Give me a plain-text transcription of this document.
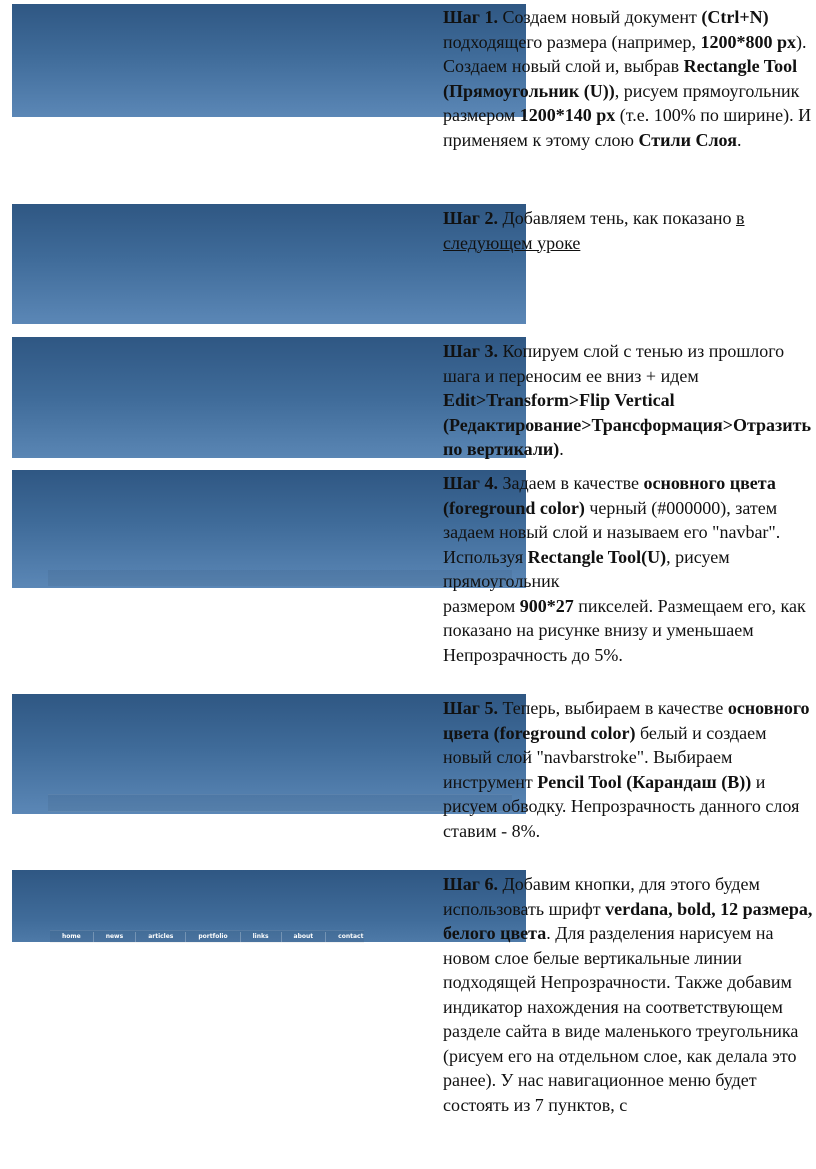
home	news	articles	portfolio	links	about	contact

Шаг 1. Создаем новый документ (Ctrl+N) подходящего размера (например, 1200*800 px). Создаем новый слой и, выбрав Rectangle Tool (Прямоугольник (U)), рисуем прямоугольник размером 1200*140 px (т.е. 100% по ширине). И применяем к этому слою Стили Слоя.

Шаг 2. Добавляем тень, как показано в следующем уроке

Шаг 3. Копируем слой с тенью из прошлого шага и переносим ее вниз + идем Edit>Transform>Flip Vertical (Редактирование>Трансформация>Отразить по вертикали).

Шаг 4. Задаем в качестве основного цвета (foreground color) черный (#000000), затем задаем новый слой и называем его "navbar".

Используя Rectangle Tool(U), рисуем прямоугольник

размером 900*27 пикселей. Размещаем его, как показано на рисунке внизу и уменьшаем Непрозрачность до 5%.

Шаг 5. Теперь, выбираем в качестве основного цвета (foreground color) белый и создаем новый слой "navbarstroke". Выбираем инструмент Pencil Tool (Карандаш (B)) и рисуем обводку. Непрозрачность данного слоя ставим - 8%.

Шаг 6. Добавим кнопки, для этого будем использовать шрифт verdana, bold, 12 размера, белого цвета. Для разделения нарисуем на новом слое белые вертикальные линии подходящей Непрозрачности. Также добавим индикатор нахождения на соответствующем разделе сайта в виде маленького треугольника (рисуем его на отдельном слое, как делала это ранее). У нас навигационное меню будет состоять из 7 пунктов, с
